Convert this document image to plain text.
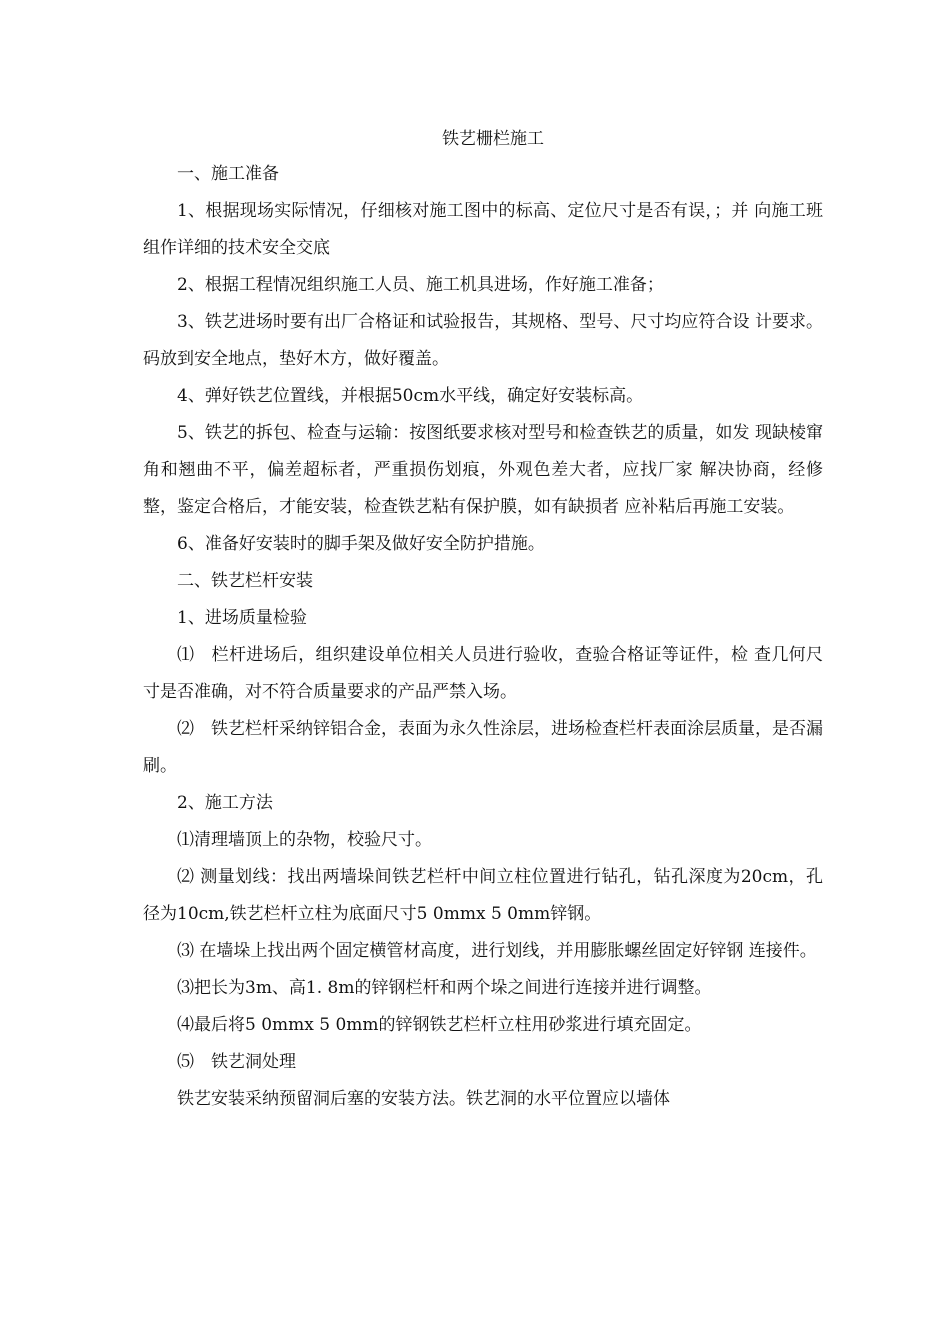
铁艺栅栏施工

一、施工准备

1、根据现场实际情况，仔细核对施工图中的标高、定位尺寸是否有误，；并 向施工班组作详细的技术安全交底

2、根据工程情况组织施工人员、施工机具进场，作好施工准备；

3、铁艺进场时要有出厂合格证和试验报告，其规格、型号、尺寸均应符合设 计要求。码放到安全地点，垫好木方，做好覆盖。

4、弹好铁艺位置线，并根据50cm水平线，确定好安装标高。

5、铁艺的拆包、检查与运输：按图纸要求核对型号和检查铁艺的质量，如发 现缺棱窜角和翘曲不平，偏差超标者，严重损伤划痕，外观色差大者，应找厂家 解决协商，经修整，鉴定合格后，才能安装，检查铁艺粘有保护膜，如有缺损者 应补粘后再施工安装。

6、准备好安装时的脚手架及做好安全防护措施。

二、铁艺栏杆安装

1、进场质量检验

⑴　栏杆进场后，组织建设单位相关人员进行验收，查验合格证等证件，检 查几何尺寸是否准确，对不符合质量要求的产品严禁入场。

⑵　铁艺栏杆采纳锌铝合金，表面为永久性涂层，进场检查栏杆表面涂层质量，是否漏刷。

2、施工方法

⑴清理墙顶上的杂物，校验尺寸。

⑵ 测量划线：找出两墙垛间铁艺栏杆中间立柱位置进行钻孔，钻孔深度为20cm，孔径为10cm,铁艺栏杆立柱为底面尺寸5 0mmx 5 0mm锌钢。

⑶ 在墙垛上找出两个固定横管材高度，进行划线，并用膨胀螺丝固定好锌钢 连接件。

⑶把长为3m、高1. 8m的锌钢栏杆和两个垛之间进行连接并进行调整。

⑷最后将5 0mmx 5 0mm的锌钢铁艺栏杆立柱用砂浆进行填充固定。

⑸　铁艺洞处理

铁艺安装采纳预留洞后塞的安装方法。铁艺洞的水平位置应以墙体
